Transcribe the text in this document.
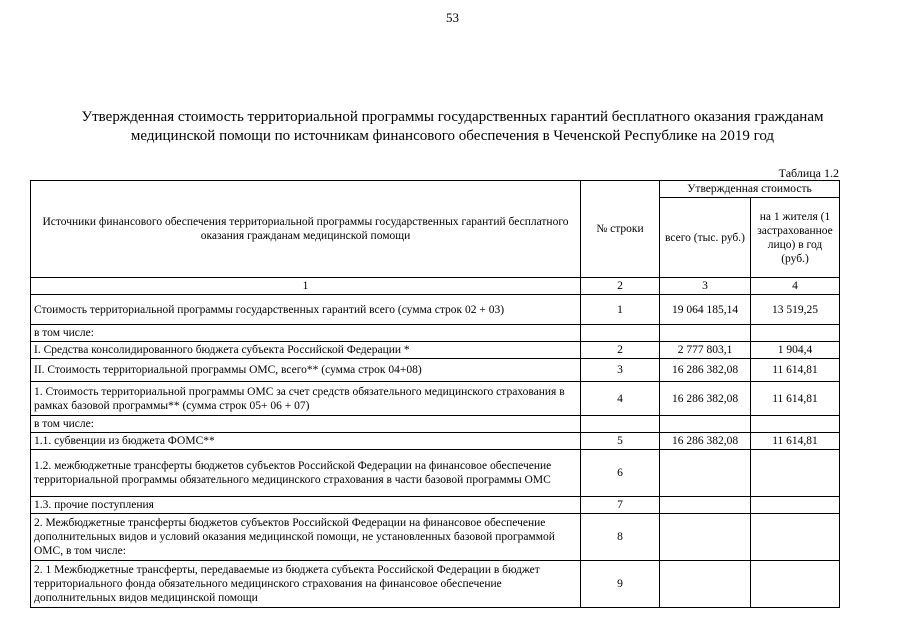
53
Утвержденная стоимость территориальной программы государственных гарантий бесплатного оказания гражданам
медицинской помощи по источникам финансового обеспечения в Чеченской Республике на 2019 год
Таблица 1.2
Источники финансового обеспечения территориальной программы государственных гарантий бесплатного оказания гражданам медицинской помощи	№ строки	Утвержденная стоимость	
		всего (тыс. руб.)	на 1 жителя (1 застрахованное лицо) в год (руб.)
1	2	3	4
Стоимость территориальной программы государственных гарантий всего (сумма строк 02 + 03)	1	19 064 185,14	13 519,25
в том числе:			
I. Средства консолидированного бюджета субъекта Российской Федерации *	2	2 777 803,1	1 904,4
II. Стоимость территориальной программы ОМС, всего** (сумма строк 04+08)	3	16 286 382,08	11 614,81
1. Стоимость территориальной программы ОМС за счет средств обязательного медицинского страхования в рамках базовой программы** (сумма строк 05+ 06 + 07)	4	16 286 382,08	11 614,81
в том числе:			
1.1. субвенции из бюджета ФОМС**	5	16 286 382,08	11 614,81
1.2. межбюджетные трансферты бюджетов субъектов Российской Федерации на финансовое обеспечение территориальной программы обязательного медицинского страхования в части базовой программы ОМС	6		
1.3. прочие поступления	7		
2. Межбюджетные трансферты бюджетов субъектов Российской Федерации на финансовое обеспечение дополнительных видов и условий оказания медицинской помощи, не установленных базовой программой ОМС, в том числе:	8		
2. 1 Межбюджетные трансферты, передаваемые из бюджета субъекта Российской Федерации в бюджет территориального фонда обязательного медицинского страхования на финансовое обеспечение дополнительных видов медицинской помощи	9		
